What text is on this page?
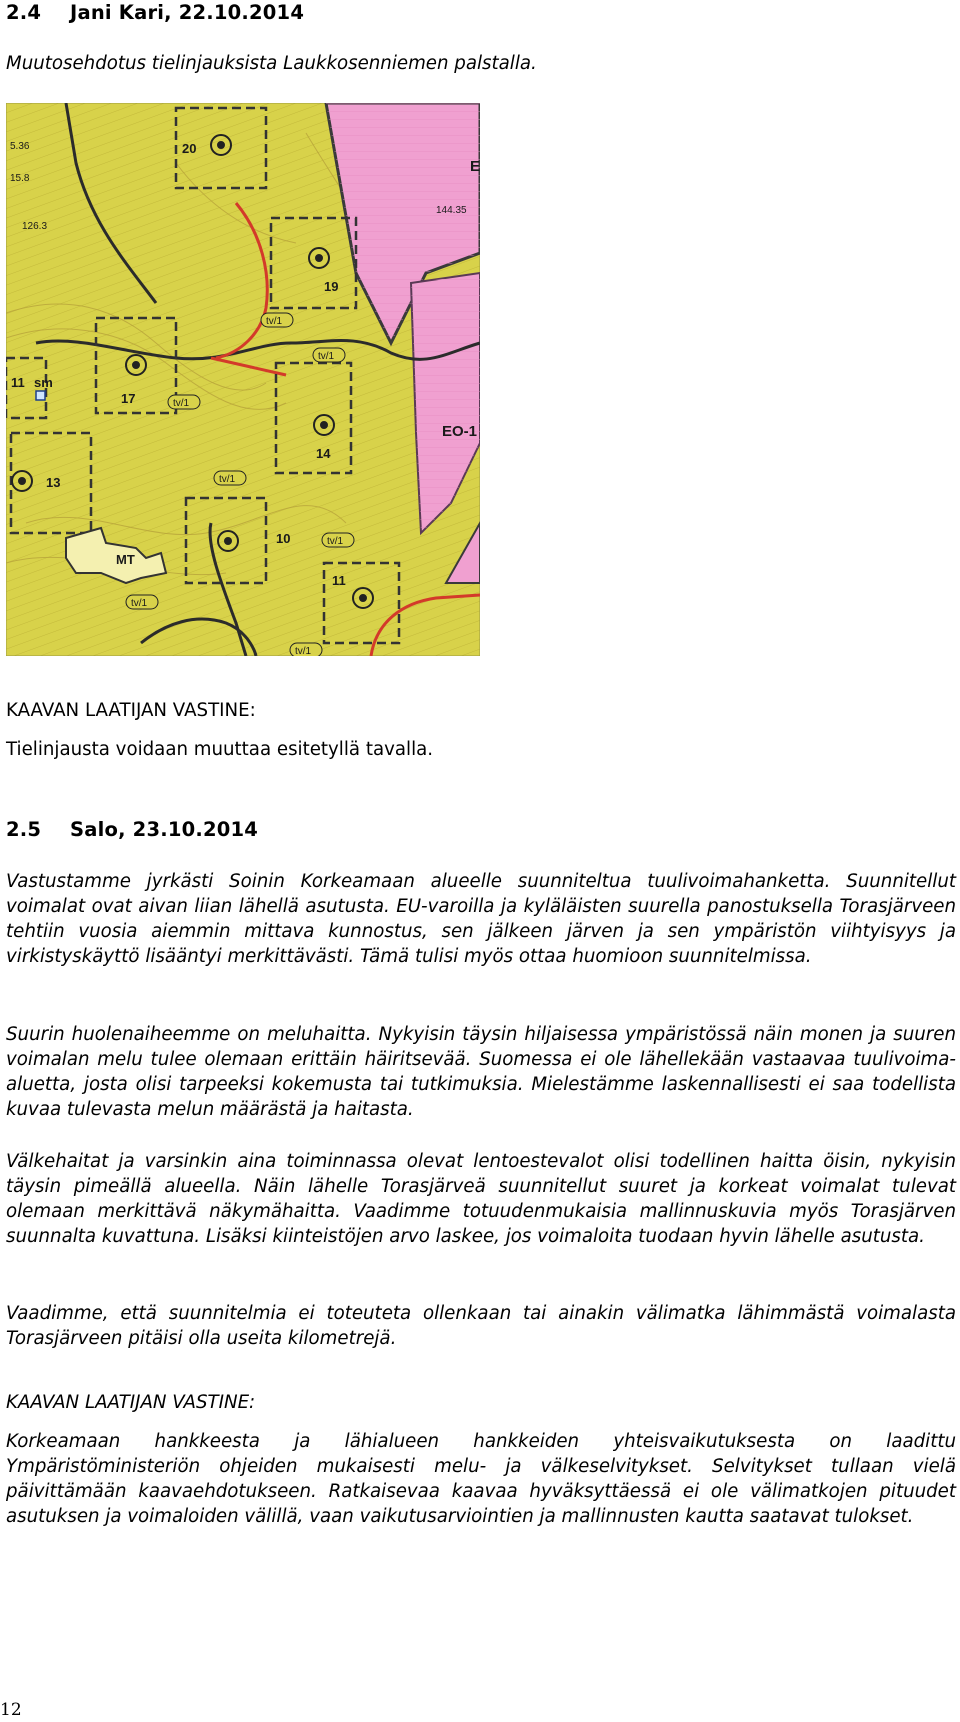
2.4 Jani Kari, 22.10.2014

Muutosehdotus tielinjauksista Laukkosenniemen palstalla.

20
19
17
14
13
10
11
11
sm
MT
EO-1
E
tv/1
tv/1
tv/1
tv/1
tv/1
tv/1
tv/1
5.36
15.8
126.3
144.35

KAAVAN LAATIJAN VASTINE:

Tielinjausta voidaan muuttaa esitetyllä tavalla.

2.5 Salo, 23.10.2014

Vastustamme jyrkästi Soinin Korkeamaan alueelle suunniteltua tuulivoimahanketta. Suunnitellut voimalat ovat aivan liian lähellä asutusta. EU-varoilla ja kyläläisten suurella panostuksella Torasjärveen tehtiin vuosia aiemmin mittava kunnostus, sen jälkeen järven ja sen ympäristön viihtyisyys ja virkistyskäyttö lisääntyi merkittävästi. Tämä tulisi myös ottaa huomioon suunnitelmissa.

Suurin huolenaiheemme on meluhaitta. Nykyisin täysin hiljaisessa ympäristössä näin monen ja suuren voimalan melu tulee olemaan erittäin häiritsevää. Suomessa ei ole lähellekään vastaavaa tuulivoima-aluetta, josta olisi tarpeeksi kokemusta tai tutkimuksia. Mielestämme laskennallisesti ei saa todellista kuvaa tulevasta melun määrästä ja haitasta.

Välkehaitat ja varsinkin aina toiminnassa olevat lentoestevalot olisi todellinen haitta öisin, nykyisin täysin pimeällä alueella. Näin lähelle Torasjärveä suunnitellut suuret ja korkeat voimalat tulevat olemaan merkittävä näkymähaitta. Vaadimme totuudenmukaisia mallinnuskuvia myös Torasjärven suunnalta kuvattuna. Lisäksi kiinteistöjen arvo laskee, jos voimaloita tuodaan hyvin lähelle asutusta.

Vaadimme, että suunnitelmia ei toteuteta ollenkaan tai ainakin välimatka lähimmästä voimalasta Torasjärveen pitäisi olla useita kilometrejä.

KAAVAN LAATIJAN VASTINE:

Korkeamaan hankkeesta ja lähialueen hankkeiden yhteisvaikutuksesta on laadittu Ympäristöministeriön ohjeiden mukaisesti melu- ja välkeselvitykset. Selvitykset tullaan vielä päivittämään kaavaehdotukseen. Ratkaisevaa kaavaa hyväksyttäessä ei ole välimatkojen pituudet asutuksen ja voimaloiden välillä, vaan vaikutusarviointien ja mallinnusten kautta saatavat tulokset.

12
